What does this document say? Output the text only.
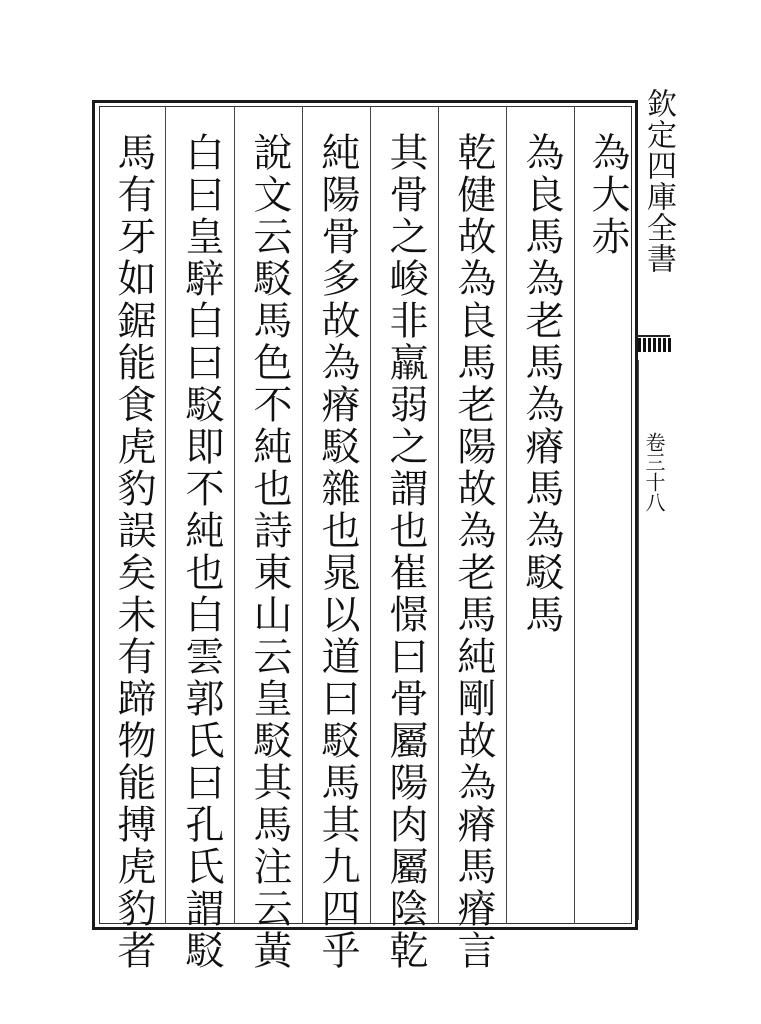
為大赤
為良馬為老馬為瘠馬為駁馬
乾健故為良馬老陽故為老馬純剛故為瘠馬瘠言
其骨之峻非羸弱之謂也崔憬曰骨屬陽肉屬陰乾
純陽骨多故為瘠駁雜也晁以道曰駁馬其九四乎
說文云駁馬色不純也詩東山云皇駁其馬注云黃
白曰皇騂白曰駁即不純也白雲郭氏曰孔氏謂駁
馬有牙如鋸能食虎豹誤矣未有蹄物能搏虎豹者	欽定四庫全書
卷三十八
